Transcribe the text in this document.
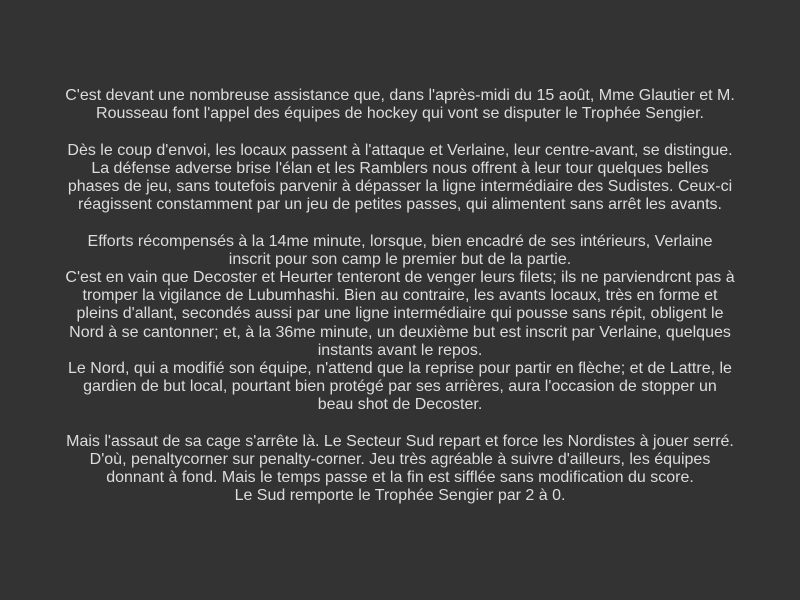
C'est devant une nombreuse assistance que, dans l'après-midi du 15 août, Mme Glautier et M.
Rousseau font l'appel des équipes de hockey qui vont se disputer le Trophée Sengier.

Dès le coup d'envoi, les locaux passent à l'attaque et Verlaine, leur centre-avant, se distingue.
La défense adverse brise l'élan et les Ramblers nous offrent à leur tour quelques belles
phases de jeu, sans toutefois parvenir à dépasser la ligne intermédiaire des Sudistes. Ceux-ci
réagissent constamment par un jeu de petites passes, qui alimentent sans arrêt les avants.

Efforts récompensés à la 14me minute, lorsque, bien encadré de ses intérieurs, Verlaine
inscrit pour son camp le premier but de la partie.
C'est en vain que Decoster et Heurter tenteront de venger leurs filets; ils ne parviendrcnt pas à
tromper la vigilance de Lubumhashi. Bien au contraire, les avants locaux, très en forme et
pleins d'allant, secondés aussi par une ligne intermédiaire qui pousse sans répit, obligent le
Nord à se cantonner; et, à la 36me minute, un deuxième but est inscrit par Verlaine, quelques
instants avant le repos.
Le Nord, qui a modifié son équipe, n'attend que la reprise pour partir en flèche; et de Lattre, le
gardien de but local, pourtant bien protégé par ses arrières, aura l'occasion de stopper un
beau shot de Decoster.

Mais l'assaut de sa cage s'arrête là. Le Secteur Sud repart et force les Nordistes à jouer serré.
D'où, penaltycorner sur penalty-corner. Jeu très agréable à suivre d'ailleurs, les équipes
donnant à fond. Mais le temps passe et la fin est sifflée sans modification du score.
Le Sud remporte le Trophée Sengier par 2 à 0.
